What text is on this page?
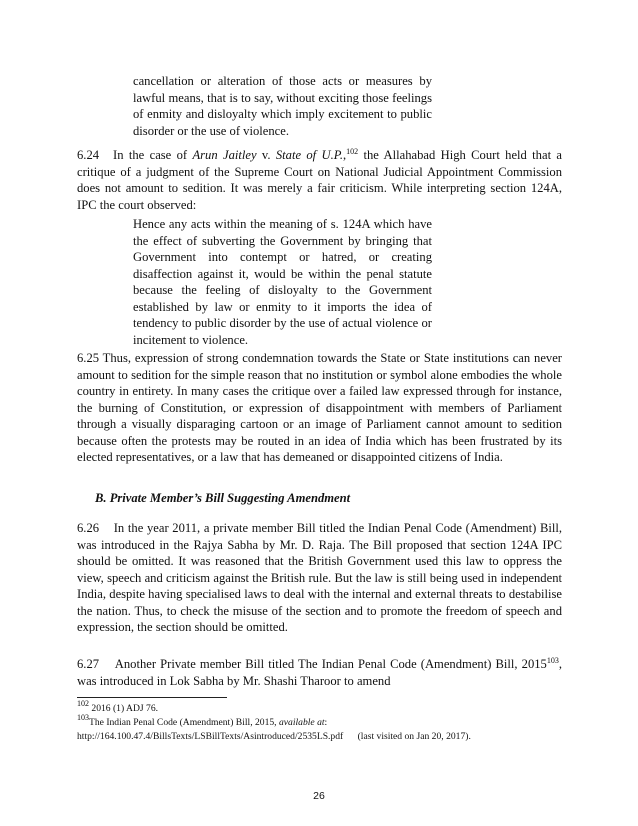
cancellation or alteration of those acts or measures by lawful means, that is to say, without exciting those feelings of enmity and disloyalty which imply excitement to public disorder or the use of violence.
6.24 In the case of Arun Jaitley v. State of U.P.,$^{102}$ the Allahabad High Court held that a critique of a judgment of the Supreme Court on National Judicial Appointment Commission does not amount to sedition. It was merely a fair criticism. While interpreting section 124A, IPC the court observed:
Hence any acts within the meaning of s. 124A which have the effect of subverting the Government by bringing that Government into contempt or hatred, or creating disaffection against it, would be within the penal statute because the feeling of disloyalty to the Government established by law or enmity to it imports the idea of tendency to public disorder by the use of actual violence or incitement to violence.
6.25 Thus, expression of strong condemnation towards the State or State institutions can never amount to sedition for the simple reason that no institution or symbol alone embodies the whole country in entirety. In many cases the critique over a failed law expressed through for instance, the burning of Constitution, or expression of disappointment with members of Parliament through a visually disparaging cartoon or an image of Parliament cannot amount to sedition because often the protests may be routed in an idea of India which has been frustrated by its elected representatives, or a law that has demeaned or disappointed citizens of India.
B. Private Member’s Bill Suggesting Amendment
6.26    In the year 2011, a private member Bill titled the Indian Penal Code (Amendment) Bill, was introduced in the Rajya Sabha by Mr. D. Raja. The Bill proposed that section 124A IPC should be omitted. It was reasoned that the British Government used this law to oppress the view, speech and criticism against the British rule. But the law is still being used in independent India, despite having specialised laws to deal with the internal and external threats to destabilise the nation. Thus, to check the misuse of the section and to promote the freedom of speech and expression, the section should be omitted.
6.27    Another Private member Bill titled The Indian Penal Code (Amendment) Bill, 2015$^{103}$, was introduced in Lok Sabha by Mr. Shashi Tharoor to amend
$^{102}$ 2016 (1) ADJ 76.
$^{103}$The Indian Penal Code (Amendment) Bill, 2015, available at:
http://164.100.47.4/BillsTexts/LSBillTexts/Asintroduced/2535LS.pdf (last visited on Jan 20, 2017).
26
